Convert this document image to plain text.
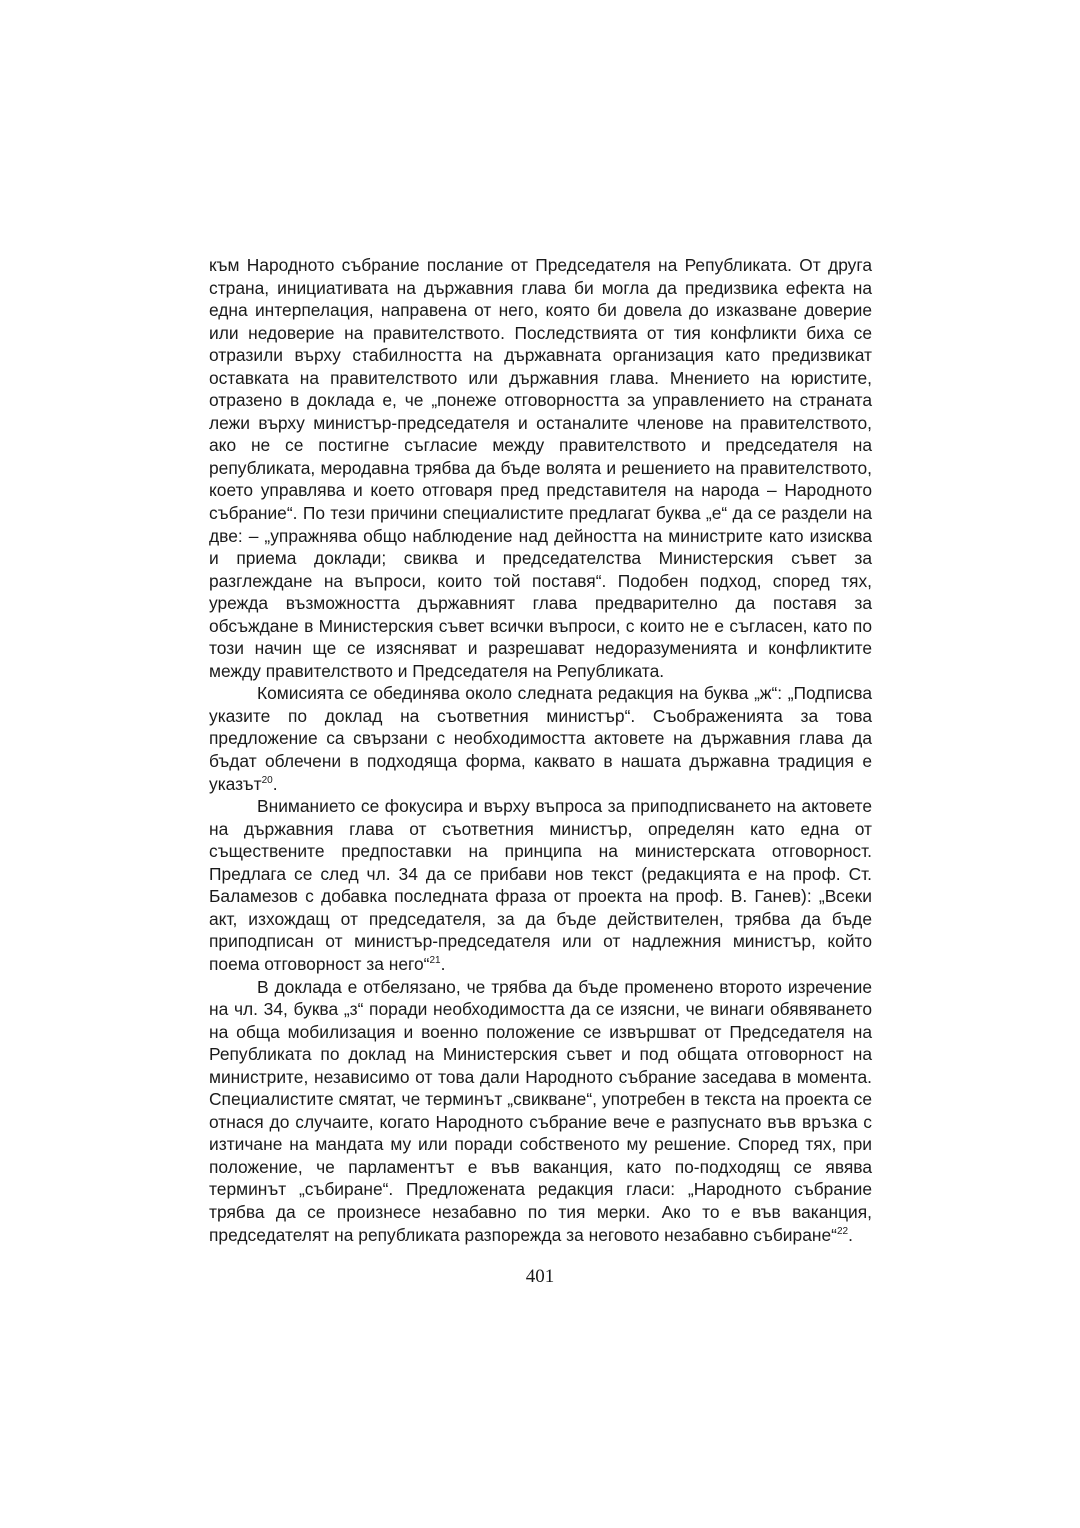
към Народното събрание послание от Председателя на Републиката. От друга страна, инициативата на държавния глава би могла да предизвика ефекта на една интерпелация, направена от него, която би довела до изказване доверие или недоверие на правителството. Последствията от тия конфликти биха се отразили върху стабилността на държавната организация като предизвикат оставката на правителството или държавния глава. Мнението на юристите, отразено в доклада е, че „понеже отговорността за управлението на страната лежи върху министър-председателя и останалите членове на правителството, ако не се постигне съгласие между правителството и председателя на републиката, меродавна трябва да бъде волята и решението на правителството, което управлява и което отговаря пред представителя на народа – Народното събрание“. По тези причини специалистите предлагат буква „е“ да се раздели на две: – „упражнява общо наблюдение над дейността на министрите като изисква и приема доклади; свиква и председателства Министерския съвет за разглеждане на въпроси, които той поставя“. Подобен подход, според тях, урежда възможността държавният глава предварително да поставя за обсъждане в Министерския съвет всички въпроси, с които не е съгласен, като по този начин ще се изясняват и разрешават недоразуменията и конфликтите между правителството и Председателя на Републиката.

Комисията се обединява около следната редакция на буква „ж“: „Подписва указите по доклад на съответния министър“. Съображенията за това предложение са свързани с необходимостта актовете на държавния глава да бъдат облечени в подходяща форма, каквато в нашата държавна традиция е указът$^{20}$.

Вниманието се фокусира и върху въпроса за приподписването на актовете на държавния глава от съответния министър, определян като една от съществените предпоставки на принципа на министерската отговорност. Предлага се след чл. 34 да се прибави нов текст (редакцията е на проф. Ст. Баламезов с добавка последната фраза от проекта на проф. В. Ганев): „Всеки акт, изхождащ от председателя, за да бъде действителен, трябва да бъде приподписан от министър-председателя или от надлежния министър, който поема отговорност за него“$^{21}$.

В доклада е отбелязано, че трябва да бъде променено второто изречение на чл. 34, буква „з“ поради необходимостта да се изясни, че винаги обявяването на обща мобилизация и военно положение се извършват от Председателя на Републиката по доклад на Министерския съвет и под общата отговорност на министрите, независимо от това дали Народното събрание заседава в момента. Специалистите смятат, че терминът „свикване“, употребен в текста на проекта се отнася до случаите, когато Народното събрание вече е разпуснато във връзка с изтичане на мандата му или поради собственото му решение. Според тях, при положение, че парламентът е във ваканция, като по-подходящ се явява терминът „събиране“. Предложената редакция гласи: „Народното събрание трябва да се произнесе незабавно по тия мерки. Ако то е във ваканция, председателят на републиката разпорежда за неговото незабавно събиране“$^{22}$.

401
